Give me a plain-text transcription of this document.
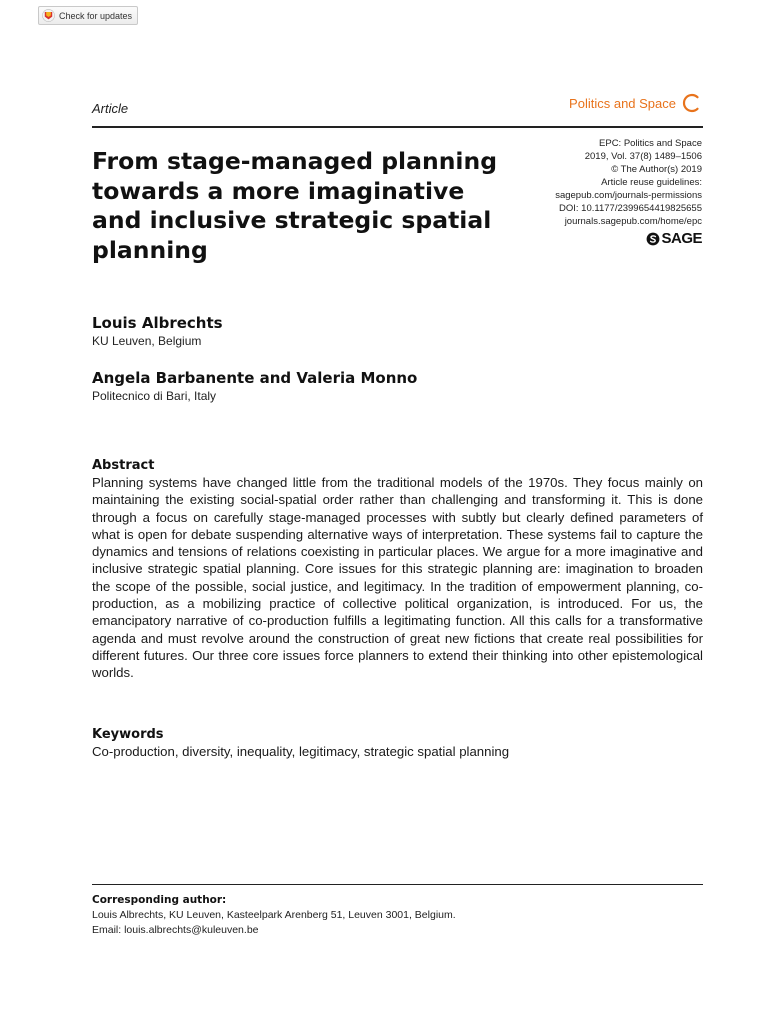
Check for updates
Article	Politics and Space
From stage-managed planning towards a more imaginative and inclusive strategic spatial planning
EPC: Politics and Space
2019, Vol. 37(8) 1489–1506
© The Author(s) 2019
Article reuse guidelines:
sagepub.com/journals-permissions
DOI: 10.1177/2399654419825655
journals.sagepub.com/home/epc
SAGE
Louis Albrechts
KU Leuven, Belgium
Angela Barbanente and Valeria Monno
Politecnico di Bari, Italy
Abstract

Planning systems have changed little from the traditional models of the 1970s. They focus mainly on maintaining the existing social-spatial order rather than challenging and transforming it. This is done through a focus on carefully stage-managed processes with subtly but clearly defined parameters of what is open for debate suspending alternative ways of interpretation. These systems fail to capture the dynamics and tensions of relations coexisting in particular places. We argue for a more imaginative and inclusive strategic spatial planning. Core issues for this strategic planning are: imagination to broaden the scope of the possible, social justice, and legitimacy. In the tradition of empowerment planning, co-production, as a mobilizing practice of collective political organization, is introduced. For us, the emancipatory narrative of co-production fulfills a legitimating function. All this calls for a transformative agenda and must revolve around the construction of great new fictions that create real possibilities for different futures. Our three core issues force planners to extend their thinking into other epistemological worlds.

Keywords
Co-production, diversity, inequality, legitimacy, strategic spatial planning
Corresponding author:
Louis Albrechts, KU Leuven, Kasteelpark Arenberg 51, Leuven 3001, Belgium.
Email: louis.albrechts@kuleuven.be
